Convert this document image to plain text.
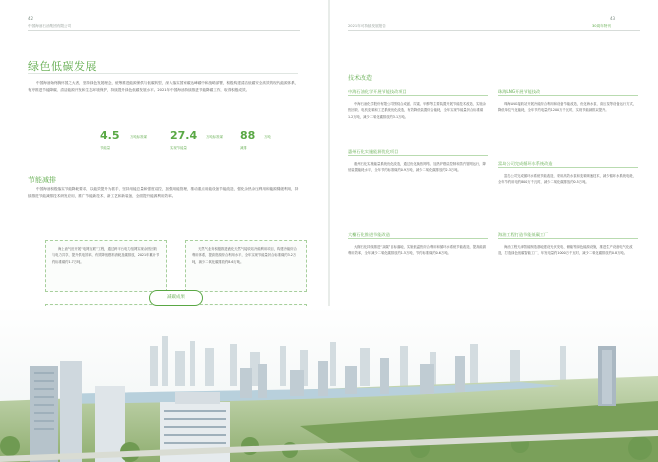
42
中国海油石油集团有限公司
绿色低碳发展

中国海油始终胸怀国之大者，坚持绿色发展理念，统筹推进能源保供与低碳转型，深入落实国家碳达峰碳中和战略部署，积极构建清洁低碳安全高效的现代能源体系，有序推进节能降碳、清洁能源开发和生态环境保护，持续提升绿色低碳发展水平。2021年中国海油持续推进节能降碳工作，取得积极成效。

4.5	万吨标准煤
节能量
27.4	万吨标准煤
实现节能量
88	万吨
减排
节能减排

中国海油积极落实节能降耗要求，以能效提升为抓手，坚持用能总量和强度双控，加强用能管理，推动重点用能设备节能改造，强化余热余压利用和能源梯级利用，持续推进节能减排技术研发应用，推广节能新技术、新工艺和新装备，全面提升能源利用效率。

海上油气田开展“电网互联”工程，通过跨平台电力组网实现余热回收与电力共享，提升供电效率，有效降低燃料消耗及碳排放，2021年累计节约标准煤约1.7万吨。
天然气业务积极推进液化天然气接收站冷能利用项目，构建冷能综合利用体系，提高资源综合利用水平，全年实现节能量折合标准煤约3.2万吨，减少二氧化碳排放约8.6万吨。
减碳成果
43
2021年可持续发展报告	30周年特刊
技术改造
中海石油化学开展节能技改项目

中海石油化学股份有限公司围绕合成氨、尿素、甲醇等主要装置开展节能技术改造，实施余热回收、电机变频和工艺系统优化改造，有效降低装置综合能耗，全年实现节能量折合标准煤1.2万吨，减少二氧化碳排放约3.1万吨。

惠州石化实施能源优化项目

惠州石化实施能量系统优化改造，通过优化换热网络、加热炉燃烧控制和蒸汽管网运行，降低装置能耗水平，全年节约标准煤约0.9万吨，减少二氧化碳排放约2.3万吨。

大榭石化推进节能改造

大榭石化持续推进“双碳”目标落地，实施低温热综合利用和循环水系统节能改造，提高能源利用效率，全年减少二氧化碳排放约1.5万吨，节约标准煤约0.6万吨。

珠海LNG开展节能技改

珠海LNG接收站开展冷能综合利用和设备节能改造，优化海水泵、高压泵等设备运行方式，降低单位气化能耗，全年节约电量约1200万千瓦时，实现节能减排双提升。

富岛公司完成循环水系统改造

富岛公司完成循环水系统节能改造，采用高效水泵和变频调速技术，减少循环水系统电耗，全年节约用电约800万千瓦时，减少二氧化碳排放约0.5万吨。

海油工程打造节能低碳工厂

海油工程天津智能制造基地建设光伏发电、储能等绿色能源设施，推进生产设备电气化改造，打造绿色低碳智能工厂，年发电量约1000万千瓦时，减少二氧化碳排放约0.8万吨。
